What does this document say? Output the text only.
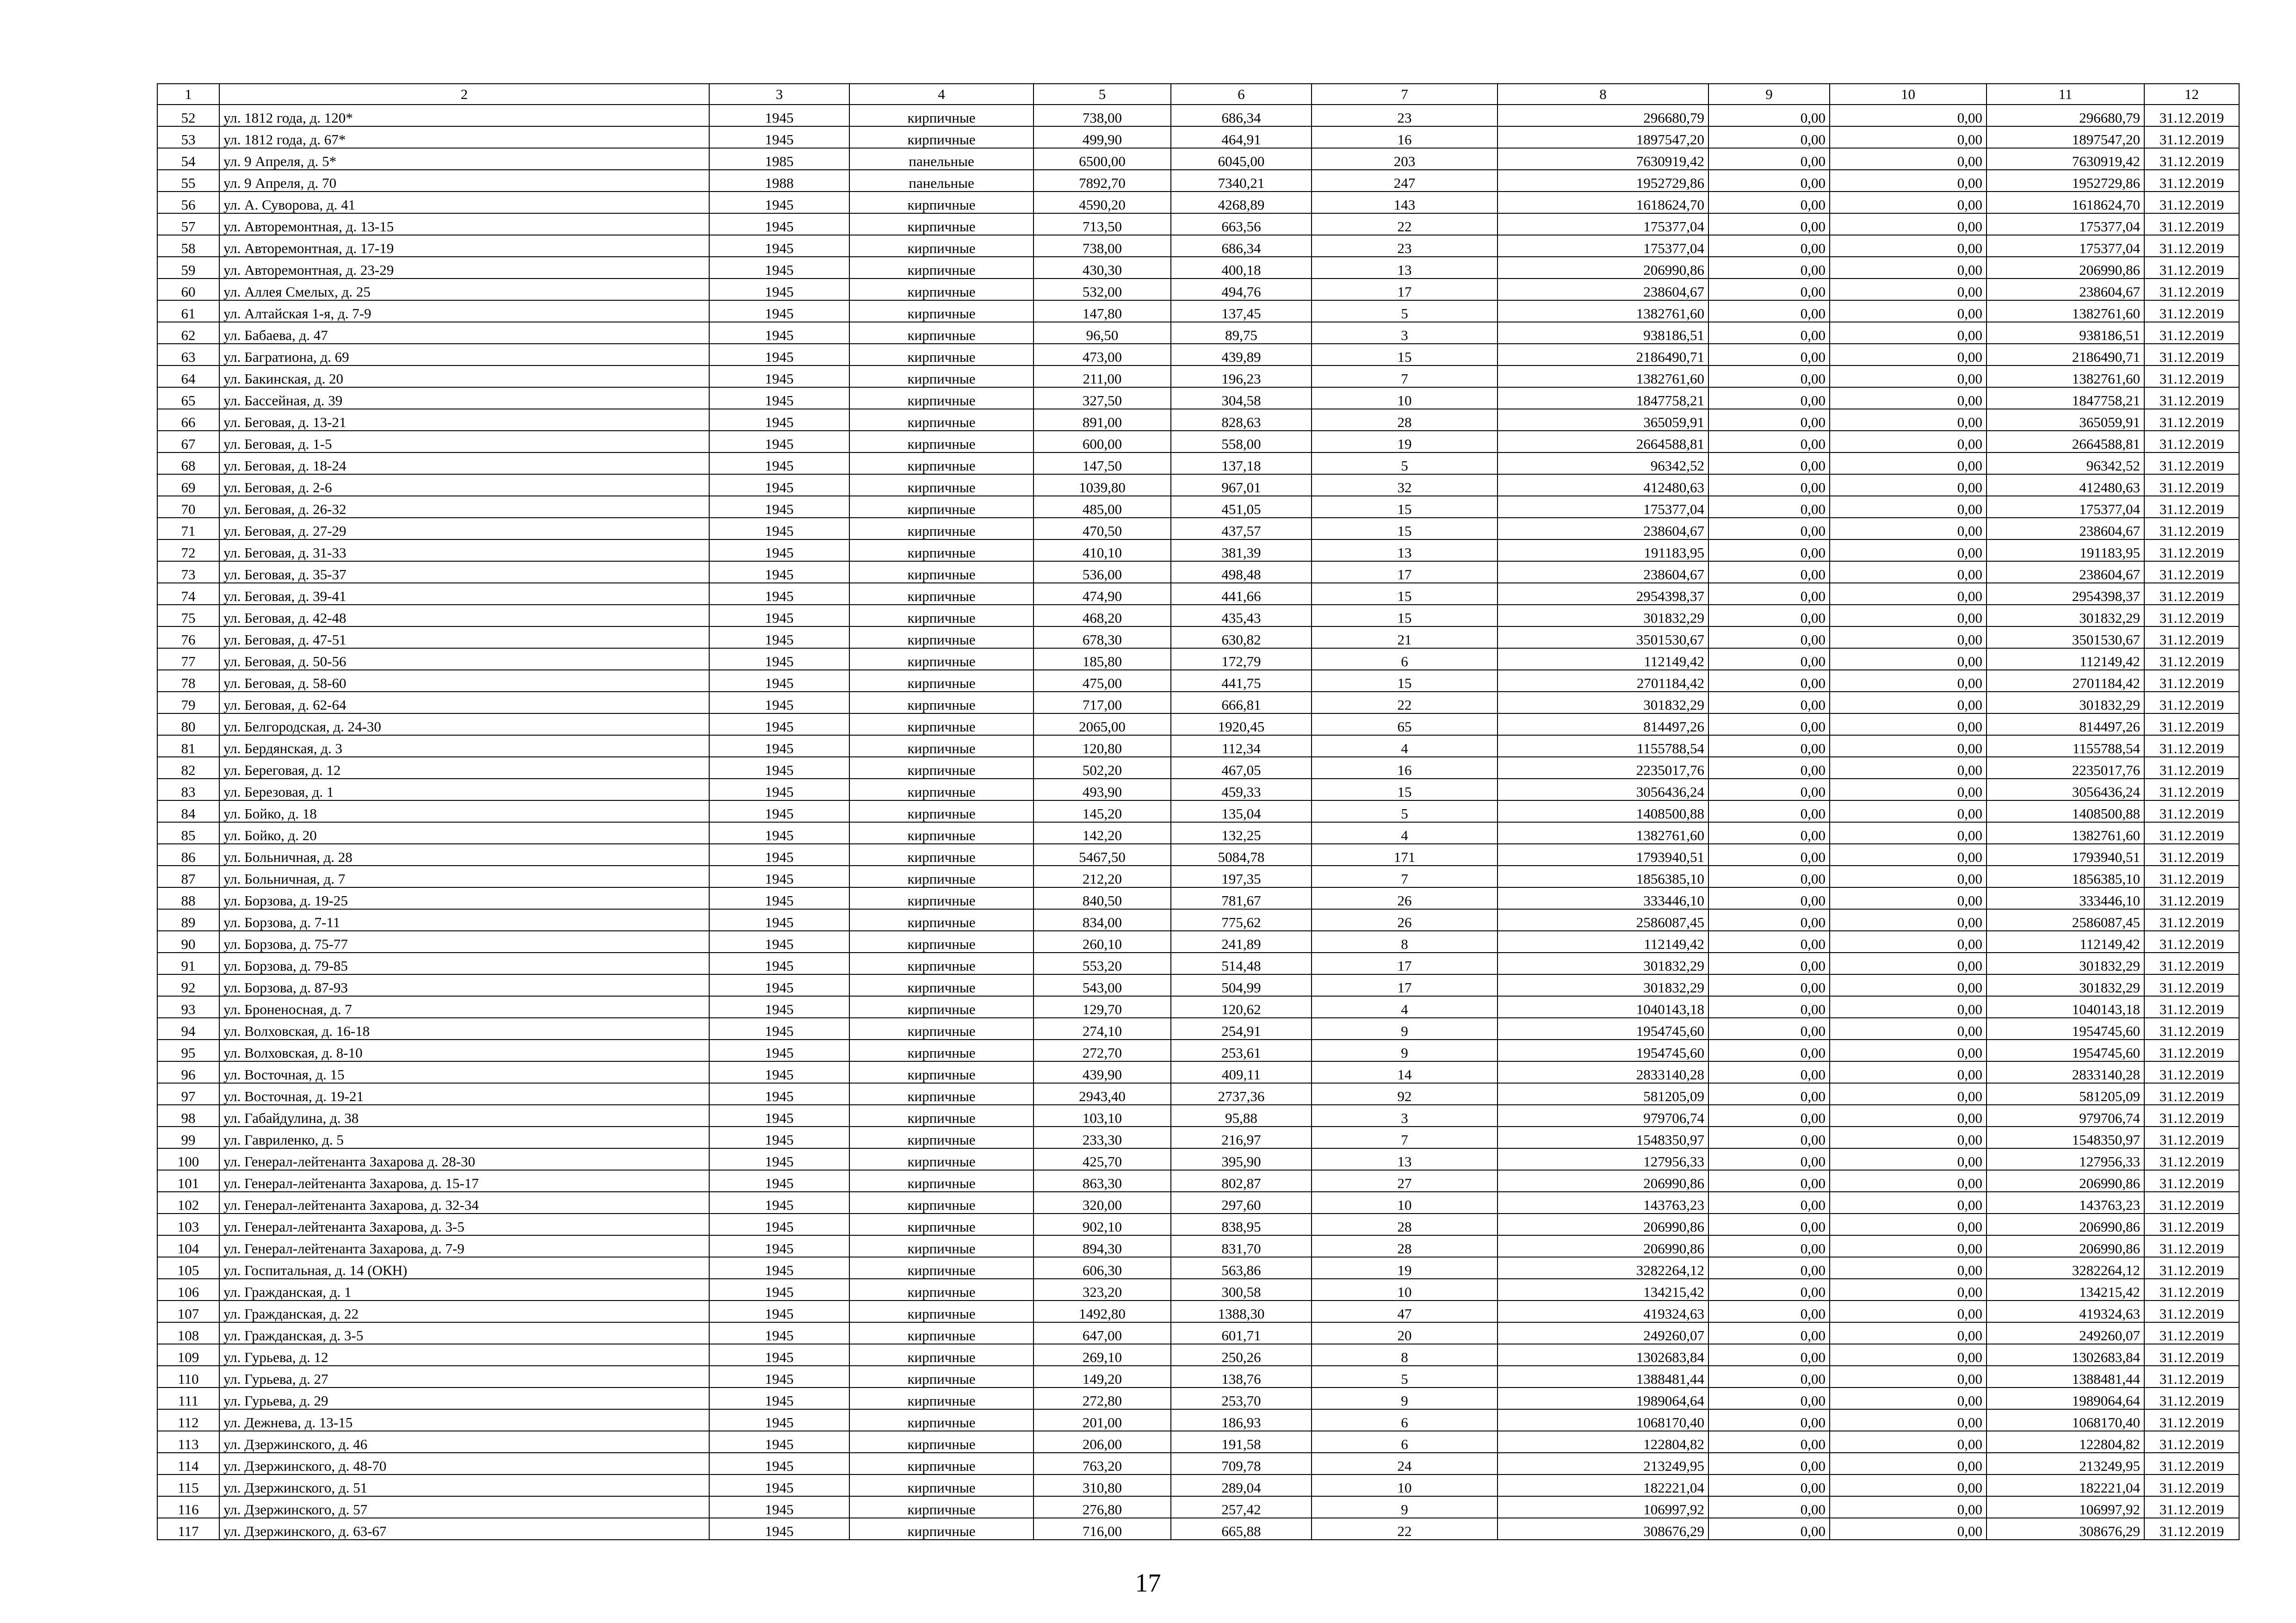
1	2	3	4	5	6	7	8	9	10	11	12
52	ул. 1812 года, д. 120*	1945	кирпичные	738,00	686,34	23	296680,79	0,00	0,00	296680,79	31.12.2019
53	ул. 1812 года, д. 67*	1945	кирпичные	499,90	464,91	16	1897547,20	0,00	0,00	1897547,20	31.12.2019
54	ул. 9 Апреля, д. 5*	1985	панельные	6500,00	6045,00	203	7630919,42	0,00	0,00	7630919,42	31.12.2019
55	ул. 9 Апреля, д. 70	1988	панельные	7892,70	7340,21	247	1952729,86	0,00	0,00	1952729,86	31.12.2019
56	ул. А. Суворова, д. 41	1945	кирпичные	4590,20	4268,89	143	1618624,70	0,00	0,00	1618624,70	31.12.2019
57	ул. Авторемонтная, д. 13-15	1945	кирпичные	713,50	663,56	22	175377,04	0,00	0,00	175377,04	31.12.2019
58	ул. Авторемонтная, д. 17-19	1945	кирпичные	738,00	686,34	23	175377,04	0,00	0,00	175377,04	31.12.2019
59	ул. Авторемонтная, д. 23-29	1945	кирпичные	430,30	400,18	13	206990,86	0,00	0,00	206990,86	31.12.2019
60	ул. Аллея Смелых, д. 25	1945	кирпичные	532,00	494,76	17	238604,67	0,00	0,00	238604,67	31.12.2019
61	ул. Алтайская 1-я, д. 7-9	1945	кирпичные	147,80	137,45	5	1382761,60	0,00	0,00	1382761,60	31.12.2019
62	ул. Бабаева, д. 47	1945	кирпичные	96,50	89,75	3	938186,51	0,00	0,00	938186,51	31.12.2019
63	ул. Багратиона, д. 69	1945	кирпичные	473,00	439,89	15	2186490,71	0,00	0,00	2186490,71	31.12.2019
64	ул. Бакинская, д. 20	1945	кирпичные	211,00	196,23	7	1382761,60	0,00	0,00	1382761,60	31.12.2019
65	ул. Бассейная, д. 39	1945	кирпичные	327,50	304,58	10	1847758,21	0,00	0,00	1847758,21	31.12.2019
66	ул. Беговая, д. 13-21	1945	кирпичные	891,00	828,63	28	365059,91	0,00	0,00	365059,91	31.12.2019
67	ул. Беговая, д. 1-5	1945	кирпичные	600,00	558,00	19	2664588,81	0,00	0,00	2664588,81	31.12.2019
68	ул. Беговая, д. 18-24	1945	кирпичные	147,50	137,18	5	96342,52	0,00	0,00	96342,52	31.12.2019
69	ул. Беговая, д. 2-6	1945	кирпичные	1039,80	967,01	32	412480,63	0,00	0,00	412480,63	31.12.2019
70	ул. Беговая, д. 26-32	1945	кирпичные	485,00	451,05	15	175377,04	0,00	0,00	175377,04	31.12.2019
71	ул. Беговая, д. 27-29	1945	кирпичные	470,50	437,57	15	238604,67	0,00	0,00	238604,67	31.12.2019
72	ул. Беговая, д. 31-33	1945	кирпичные	410,10	381,39	13	191183,95	0,00	0,00	191183,95	31.12.2019
73	ул. Беговая, д. 35-37	1945	кирпичные	536,00	498,48	17	238604,67	0,00	0,00	238604,67	31.12.2019
74	ул. Беговая, д. 39-41	1945	кирпичные	474,90	441,66	15	2954398,37	0,00	0,00	2954398,37	31.12.2019
75	ул. Беговая, д. 42-48	1945	кирпичные	468,20	435,43	15	301832,29	0,00	0,00	301832,29	31.12.2019
76	ул. Беговая, д. 47-51	1945	кирпичные	678,30	630,82	21	3501530,67	0,00	0,00	3501530,67	31.12.2019
77	ул. Беговая, д. 50-56	1945	кирпичные	185,80	172,79	6	112149,42	0,00	0,00	112149,42	31.12.2019
78	ул. Беговая, д. 58-60	1945	кирпичные	475,00	441,75	15	2701184,42	0,00	0,00	2701184,42	31.12.2019
79	ул. Беговая, д. 62-64	1945	кирпичные	717,00	666,81	22	301832,29	0,00	0,00	301832,29	31.12.2019
80	ул. Белгородская, д. 24-30	1945	кирпичные	2065,00	1920,45	65	814497,26	0,00	0,00	814497,26	31.12.2019
81	ул. Бердянская, д. 3	1945	кирпичные	120,80	112,34	4	1155788,54	0,00	0,00	1155788,54	31.12.2019
82	ул. Береговая, д. 12	1945	кирпичные	502,20	467,05	16	2235017,76	0,00	0,00	2235017,76	31.12.2019
83	ул. Березовая, д. 1	1945	кирпичные	493,90	459,33	15	3056436,24	0,00	0,00	3056436,24	31.12.2019
84	ул. Бойко, д. 18	1945	кирпичные	145,20	135,04	5	1408500,88	0,00	0,00	1408500,88	31.12.2019
85	ул. Бойко, д. 20	1945	кирпичные	142,20	132,25	4	1382761,60	0,00	0,00	1382761,60	31.12.2019
86	ул. Больничная, д. 28	1945	кирпичные	5467,50	5084,78	171	1793940,51	0,00	0,00	1793940,51	31.12.2019
87	ул. Больничная, д. 7	1945	кирпичные	212,20	197,35	7	1856385,10	0,00	0,00	1856385,10	31.12.2019
88	ул. Борзова, д. 19-25	1945	кирпичные	840,50	781,67	26	333446,10	0,00	0,00	333446,10	31.12.2019
89	ул. Борзова, д. 7-11	1945	кирпичные	834,00	775,62	26	2586087,45	0,00	0,00	2586087,45	31.12.2019
90	ул. Борзова, д. 75-77	1945	кирпичные	260,10	241,89	8	112149,42	0,00	0,00	112149,42	31.12.2019
91	ул. Борзова, д. 79-85	1945	кирпичные	553,20	514,48	17	301832,29	0,00	0,00	301832,29	31.12.2019
92	ул. Борзова, д. 87-93	1945	кирпичные	543,00	504,99	17	301832,29	0,00	0,00	301832,29	31.12.2019
93	ул. Броненосная, д. 7	1945	кирпичные	129,70	120,62	4	1040143,18	0,00	0,00	1040143,18	31.12.2019
94	ул. Волховская, д. 16-18	1945	кирпичные	274,10	254,91	9	1954745,60	0,00	0,00	1954745,60	31.12.2019
95	ул. Волховская, д. 8-10	1945	кирпичные	272,70	253,61	9	1954745,60	0,00	0,00	1954745,60	31.12.2019
96	ул. Восточная, д. 15	1945	кирпичные	439,90	409,11	14	2833140,28	0,00	0,00	2833140,28	31.12.2019
97	ул. Восточная, д. 19-21	1945	кирпичные	2943,40	2737,36	92	581205,09	0,00	0,00	581205,09	31.12.2019
98	ул. Габайдулина, д. 38	1945	кирпичные	103,10	95,88	3	979706,74	0,00	0,00	979706,74	31.12.2019
99	ул. Гавриленко, д. 5	1945	кирпичные	233,30	216,97	7	1548350,97	0,00	0,00	1548350,97	31.12.2019
100	ул. Генерал-лейтенанта Захарова д. 28-30	1945	кирпичные	425,70	395,90	13	127956,33	0,00	0,00	127956,33	31.12.2019
101	ул. Генерал-лейтенанта Захарова, д. 15-17	1945	кирпичные	863,30	802,87	27	206990,86	0,00	0,00	206990,86	31.12.2019
102	ул. Генерал-лейтенанта Захарова, д. 32-34	1945	кирпичные	320,00	297,60	10	143763,23	0,00	0,00	143763,23	31.12.2019
103	ул. Генерал-лейтенанта Захарова, д. 3-5	1945	кирпичные	902,10	838,95	28	206990,86	0,00	0,00	206990,86	31.12.2019
104	ул. Генерал-лейтенанта Захарова, д. 7-9	1945	кирпичные	894,30	831,70	28	206990,86	0,00	0,00	206990,86	31.12.2019
105	ул. Госпитальная, д. 14 (ОКН)	1945	кирпичные	606,30	563,86	19	3282264,12	0,00	0,00	3282264,12	31.12.2019
106	ул. Гражданская, д. 1	1945	кирпичные	323,20	300,58	10	134215,42	0,00	0,00	134215,42	31.12.2019
107	ул. Гражданская, д. 22	1945	кирпичные	1492,80	1388,30	47	419324,63	0,00	0,00	419324,63	31.12.2019
108	ул. Гражданская, д. 3-5	1945	кирпичные	647,00	601,71	20	249260,07	0,00	0,00	249260,07	31.12.2019
109	ул. Гурьева, д. 12	1945	кирпичные	269,10	250,26	8	1302683,84	0,00	0,00	1302683,84	31.12.2019
110	ул. Гурьева, д. 27	1945	кирпичные	149,20	138,76	5	1388481,44	0,00	0,00	1388481,44	31.12.2019
111	ул. Гурьева, д. 29	1945	кирпичные	272,80	253,70	9	1989064,64	0,00	0,00	1989064,64	31.12.2019
112	ул. Дежнева, д. 13-15	1945	кирпичные	201,00	186,93	6	1068170,40	0,00	0,00	1068170,40	31.12.2019
113	ул. Дзержинского, д. 46	1945	кирпичные	206,00	191,58	6	122804,82	0,00	0,00	122804,82	31.12.2019
114	ул. Дзержинского, д. 48-70	1945	кирпичные	763,20	709,78	24	213249,95	0,00	0,00	213249,95	31.12.2019
115	ул. Дзержинского, д. 51	1945	кирпичные	310,80	289,04	10	182221,04	0,00	0,00	182221,04	31.12.2019
116	ул. Дзержинского, д. 57	1945	кирпичные	276,80	257,42	9	106997,92	0,00	0,00	106997,92	31.12.2019
117	ул. Дзержинского, д. 63-67	1945	кирпичные	716,00	665,88	22	308676,29	0,00	0,00	308676,29	31.12.2019
17
